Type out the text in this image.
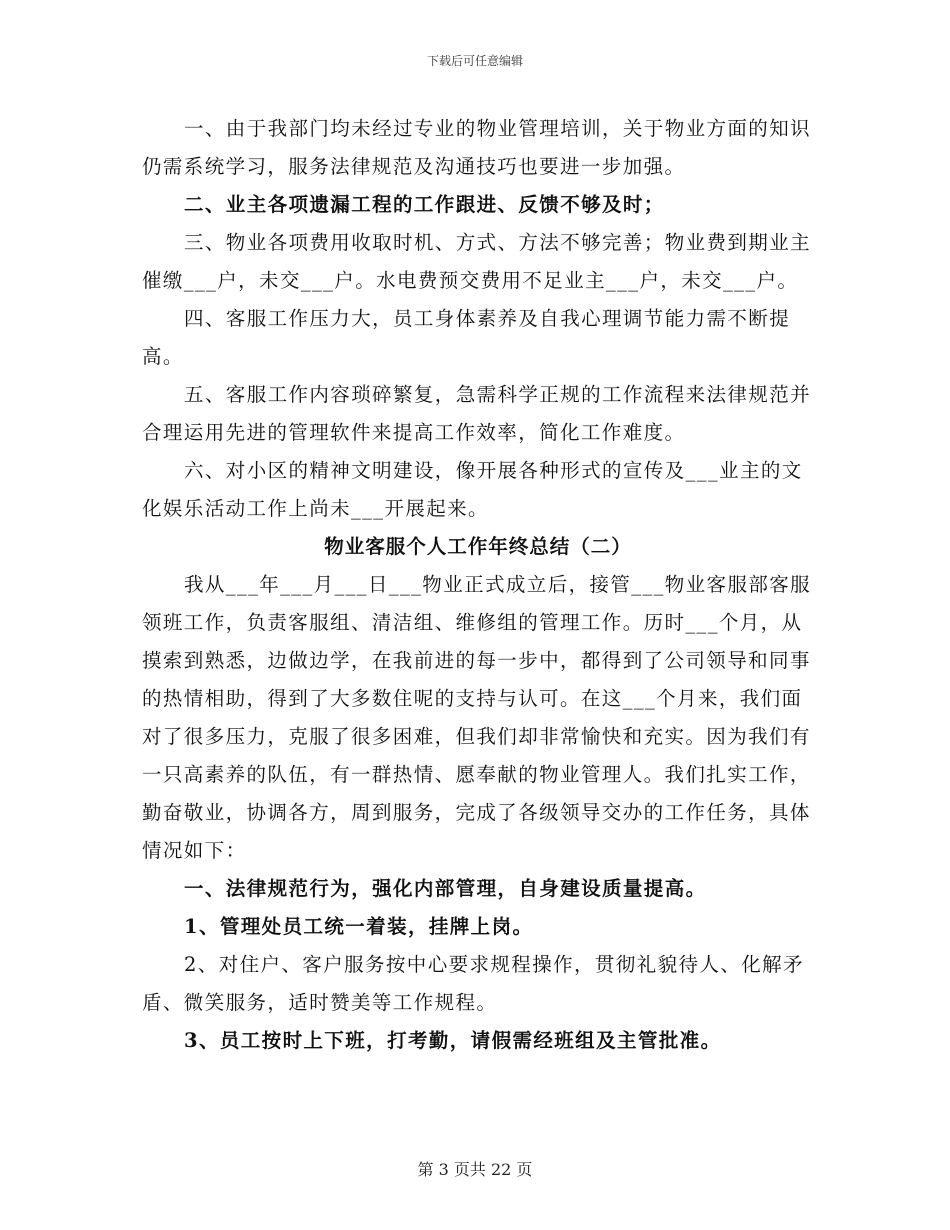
下载后可任意编辑

一、由于我部门均未经过专业的物业管理培训，关于物业方面的知识仍需系统学习，服务法律规范及沟通技巧也要进一步加强。

二、业主各项遗漏工程的工作跟进、反馈不够及时；

三、物业各项费用收取时机、方式、方法不够完善；物业费到期业主催缴___户，未交___户。水电费预交费用不足业主___户，未交___户。

四、客服工作压力大，员工身体素养及自我心理调节能力需不断提高。

五、客服工作内容琐碎繁复，急需科学正规的工作流程来法律规范并合理运用先进的管理软件来提高工作效率，简化工作难度。

六、对小区的精神文明建设，像开展各种形式的宣传及___业主的文化娱乐活动工作上尚未___开展起来。

物业客服个人工作年终总结（二）

我从___年___月___日___物业正式成立后，接管___物业客服部客服领班工作，负责客服组、清洁组、维修组的管理工作。历时___个月，从摸索到熟悉，边做边学，在我前进的每一步中，都得到了公司领导和同事的热情相助，得到了大多数住呢的支持与认可。在这___个月来，我们面对了很多压力，克服了很多困难，但我们却非常愉快和充实。因为我们有一只高素养的队伍，有一群热情、愿奉献的物业管理人。我们扎实工作，勤奋敬业，协调各方，周到服务，完成了各级领导交办的工作任务，具体情况如下：

一、法律规范行为，强化内部管理，自身建设质量提高。

1、管理处员工统一着装，挂牌上岗。

2、对住户、客户服务按中心要求规程操作，贯彻礼貌待人、化解矛盾、微笑服务，适时赞美等工作规程。

3、员工按时上下班，打考勤，请假需经班组及主管批准。

第 3 页共 22 页
